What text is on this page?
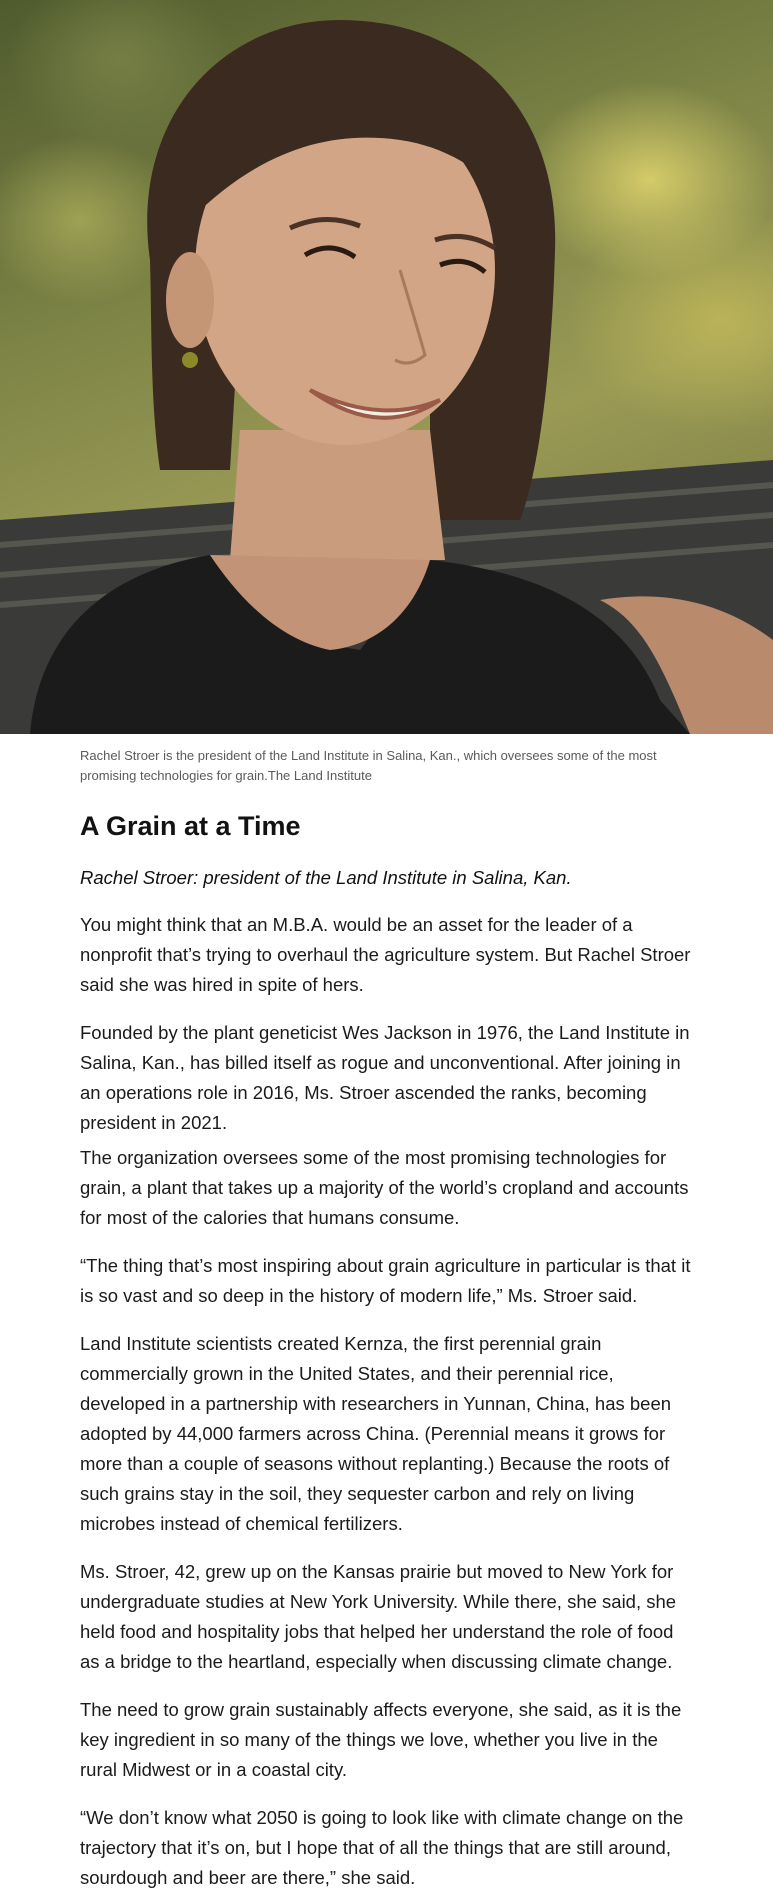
Rachel Stroer is the president of the Land Institute in Salina, Kan., which oversees some of the most promising technologies for grain.The Land Institute
A Grain at a Time

Rachel Stroer: president of the Land Institute in Salina, Kan.

You might think that an M.B.A. would be an asset for the leader of a nonprofit that’s trying to overhaul the agriculture system. But Rachel Stroer said she was hired in spite of hers.

Founded by the plant geneticist Wes Jackson in 1976, the Land Institute in Salina, Kan., has billed itself as rogue and unconventional. After joining in an operations role in 2016, Ms. Stroer ascended the ranks, becoming president in 2021.

The organization oversees some of the most promising technologies for grain, a plant that takes up a majority of the world’s cropland and accounts for most of the calories that humans consume.

“The thing that’s most inspiring about grain agriculture in particular is that it is so vast and so deep in the history of modern life,” Ms. Stroer said.

Land Institute scientists created Kernza, the first perennial grain commercially grown in the United States, and their perennial rice, developed in a partnership with researchers in Yunnan, China, has been adopted by 44,000 farmers across China. (Perennial means it grows for more than a couple of seasons without replanting.) Because the roots of such grains stay in the soil, they sequester carbon and rely on living microbes instead of chemical fertilizers.

Ms. Stroer, 42, grew up on the Kansas prairie but moved to New York for undergraduate studies at New York University. While there, she said, she held food and hospitality jobs that helped her understand the role of food as a bridge to the heartland, especially when discussing climate change.

The need to grow grain sustainably affects everyone, she said, as it is the key ingredient in so many of the things we love, whether you live in the rural Midwest or in a coastal city.

“We don’t know what 2050 is going to look like with climate change on the trajectory that it’s on, but I hope that of all the things that are still around, sourdough and beer are there,” she said.
